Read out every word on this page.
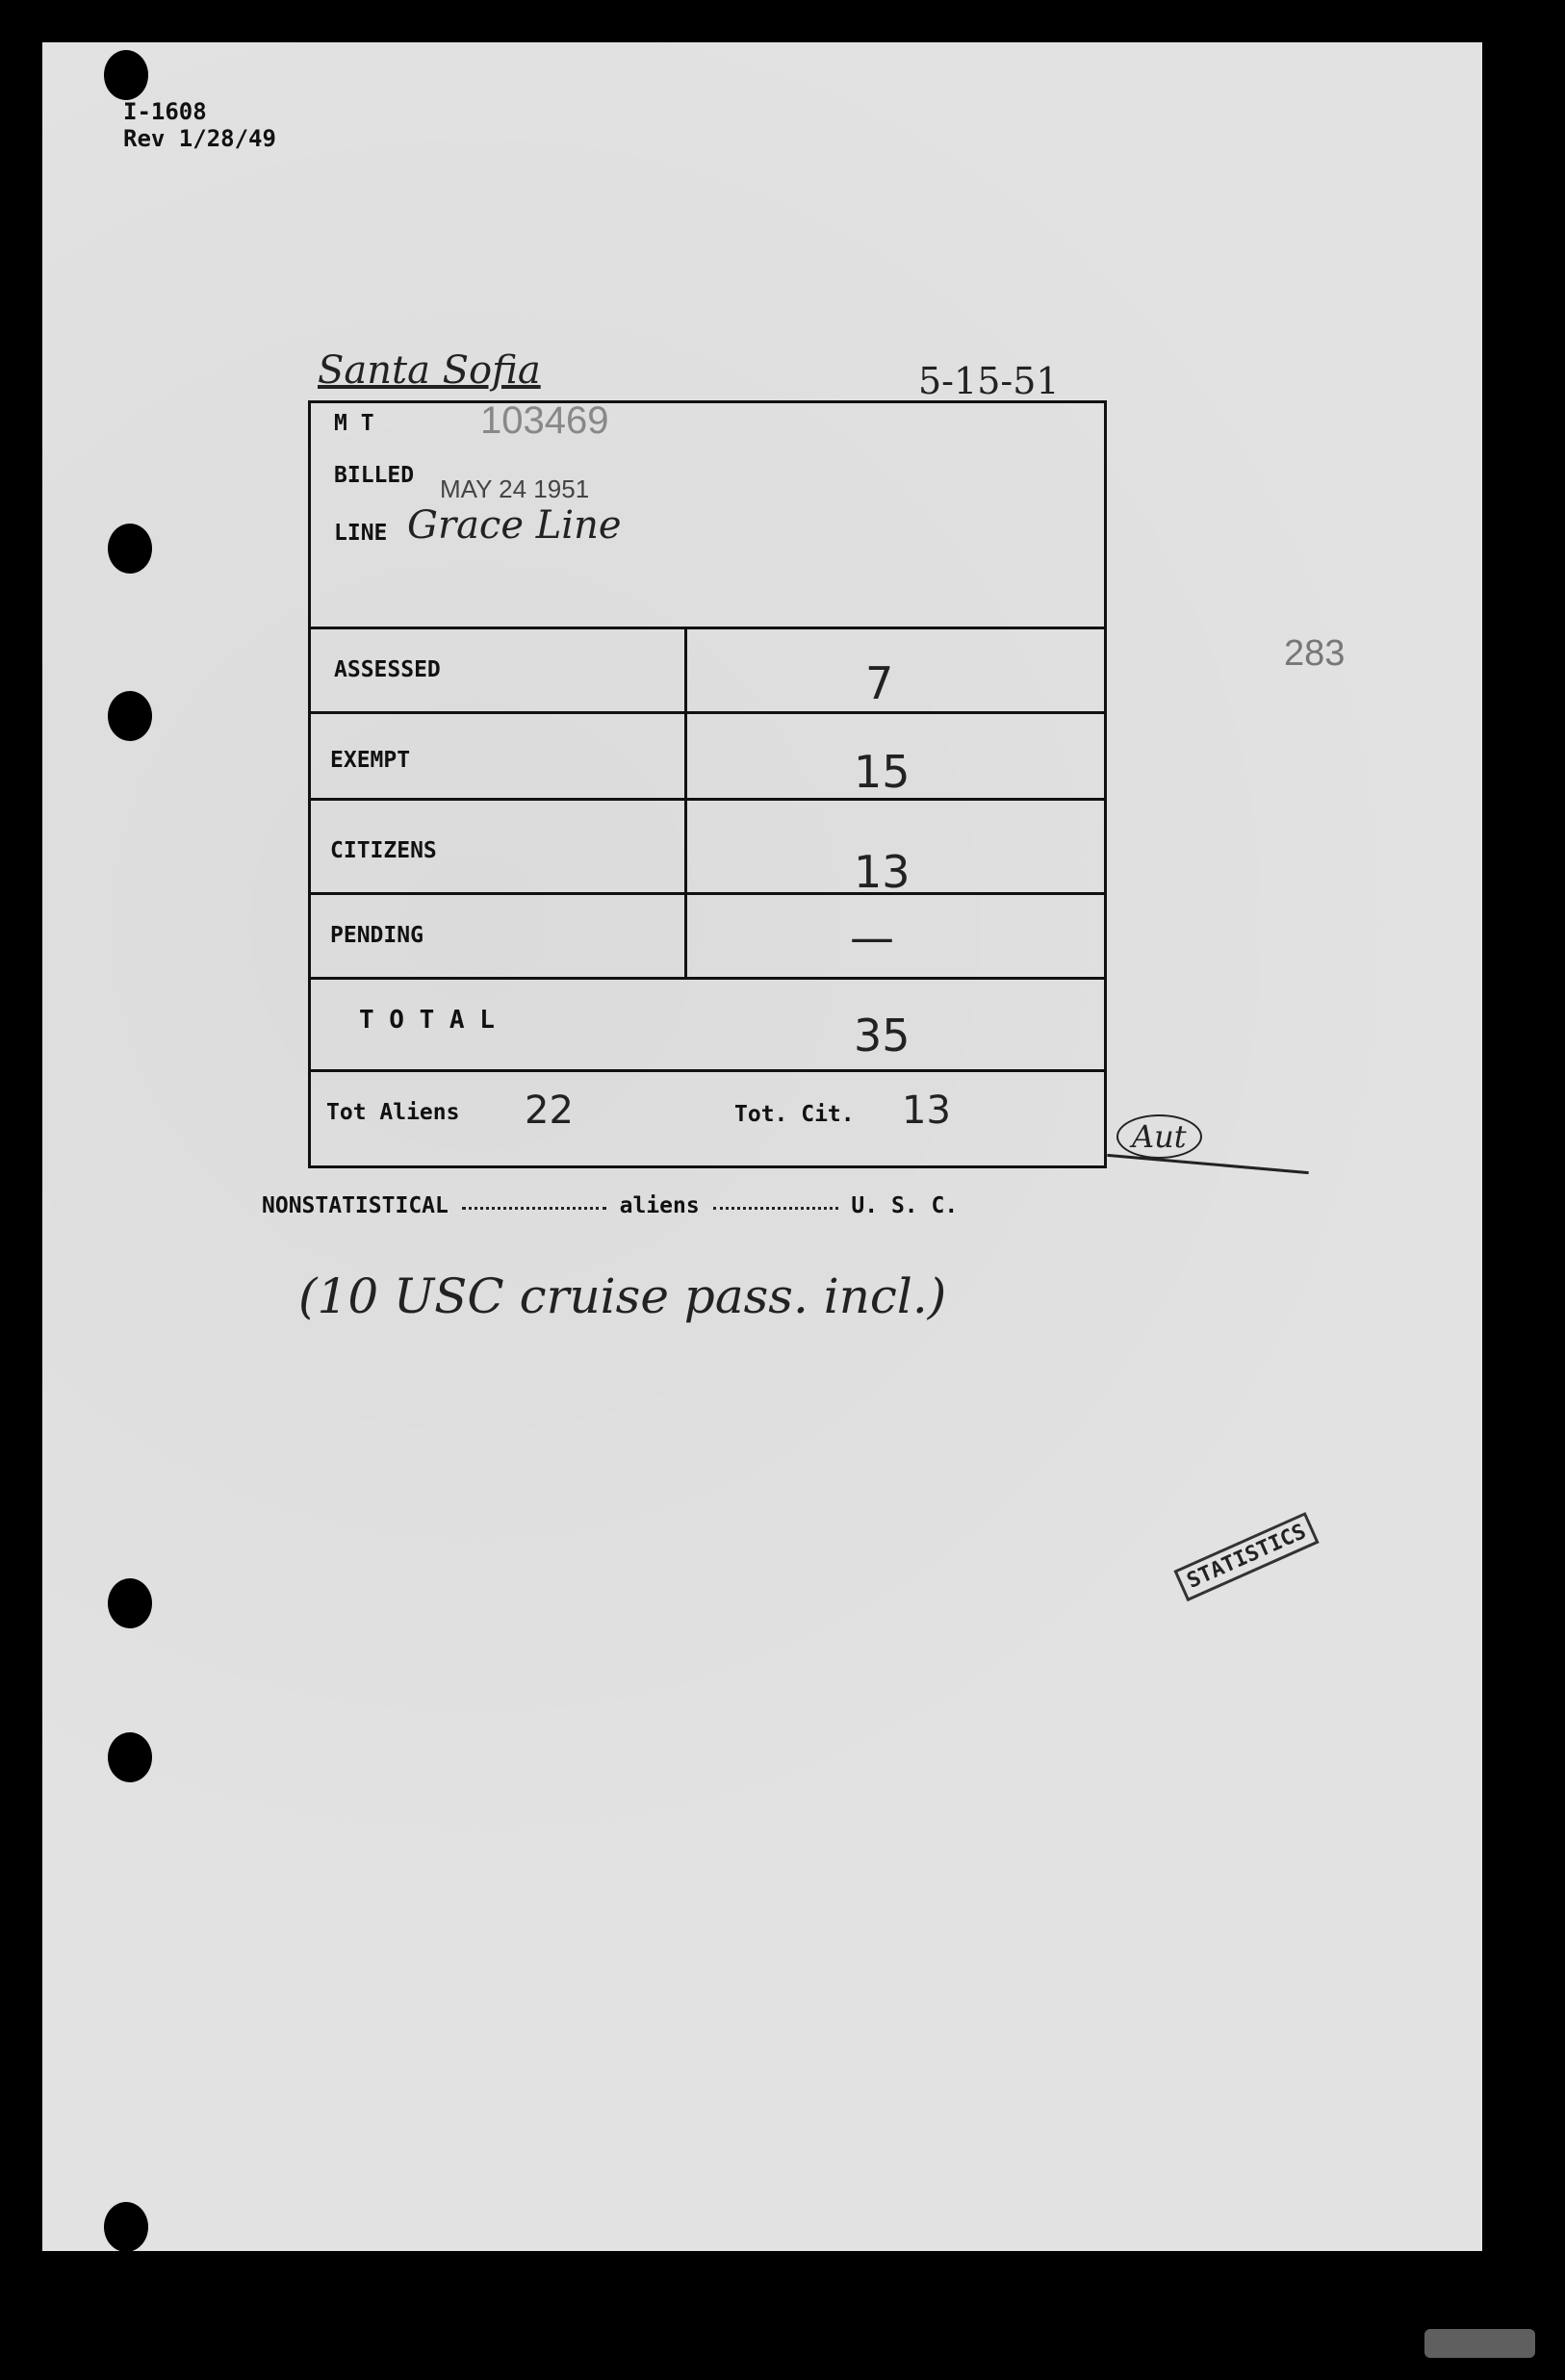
I-1608
Rev 1/28/49
Santa Sofia	5-15-51
283
M T	103469
BILLED MAY 24 1951
LINE Grace Line
ASSESSED	7
EXEMPT	15
CITIZENS	13
PENDING	—
T O T A L	35
Tot Aliens 22	Tot. Cit. 13
Aut
NONSTATISTICAL	aliens	U. S. C.
(10 USC cruise pass. incl.)
STATISTICS
